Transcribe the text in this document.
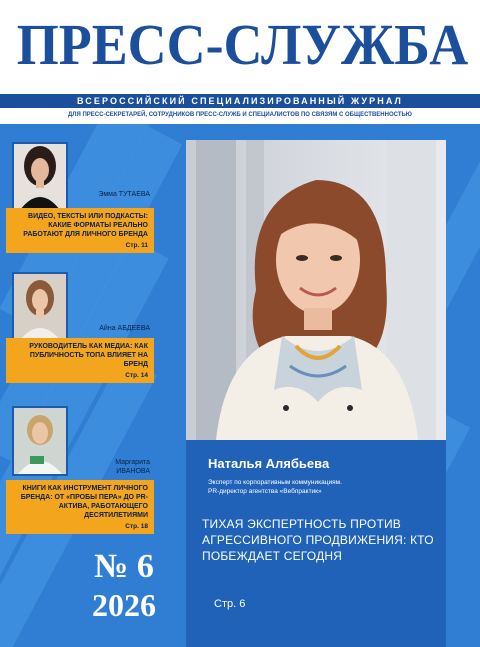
ПРЕСС-СЛУЖБА
ВСЕРОССИЙСКИЙ СПЕЦИАЛИЗИРОВАННЫЙ ЖУРНАЛ
ДЛЯ ПРЕСС-СЕКРЕТАРЕЙ, СОТРУДНИКОВ ПРЕСС-СЛУЖБ И СПЕЦИАЛИСТОВ ПО СВЯЗЯМ С ОБЩЕСТВЕННОСТЬЮ
Эмма ТУТАЕВА
ВИДЕО, ТЕКСТЫ ИЛИ ПОДКАСТЫ: КАКИЕ ФОРМАТЫ РЕАЛЬНО РАБОТАЮТ ДЛЯ ЛИЧНОГО БРЕНДА
Стр. 11
Айна АБДЕЕВА
РУКОВОДИТЕЛЬ КАК МЕДИА: КАК ПУБЛИЧНОСТЬ ТОПА ВЛИЯЕТ НА БРЕНД
Стр. 14
Маргарита
ИВАНОВА
КНИГИ КАК ИНСТРУМЕНТ ЛИЧНОГО БРЕНДА: ОТ «ПРОБЫ ПЕРА» ДО PR-АКТИВА, РАБОТАЮЩЕГО ДЕСЯТИЛЕТИЯМИ
Стр. 18
№ 6
2026
Наталья Алябьева
Эксперт по корпоративным коммуникациям.
PR-директор агентства «Вебпрактик»
ТИХАЯ ЭКСПЕРТНОСТЬ ПРОТИВ АГРЕССИВНОГО ПРОДВИЖЕНИЯ: КТО ПОБЕЖДАЕТ СЕГОДНЯ
Стр. 6
